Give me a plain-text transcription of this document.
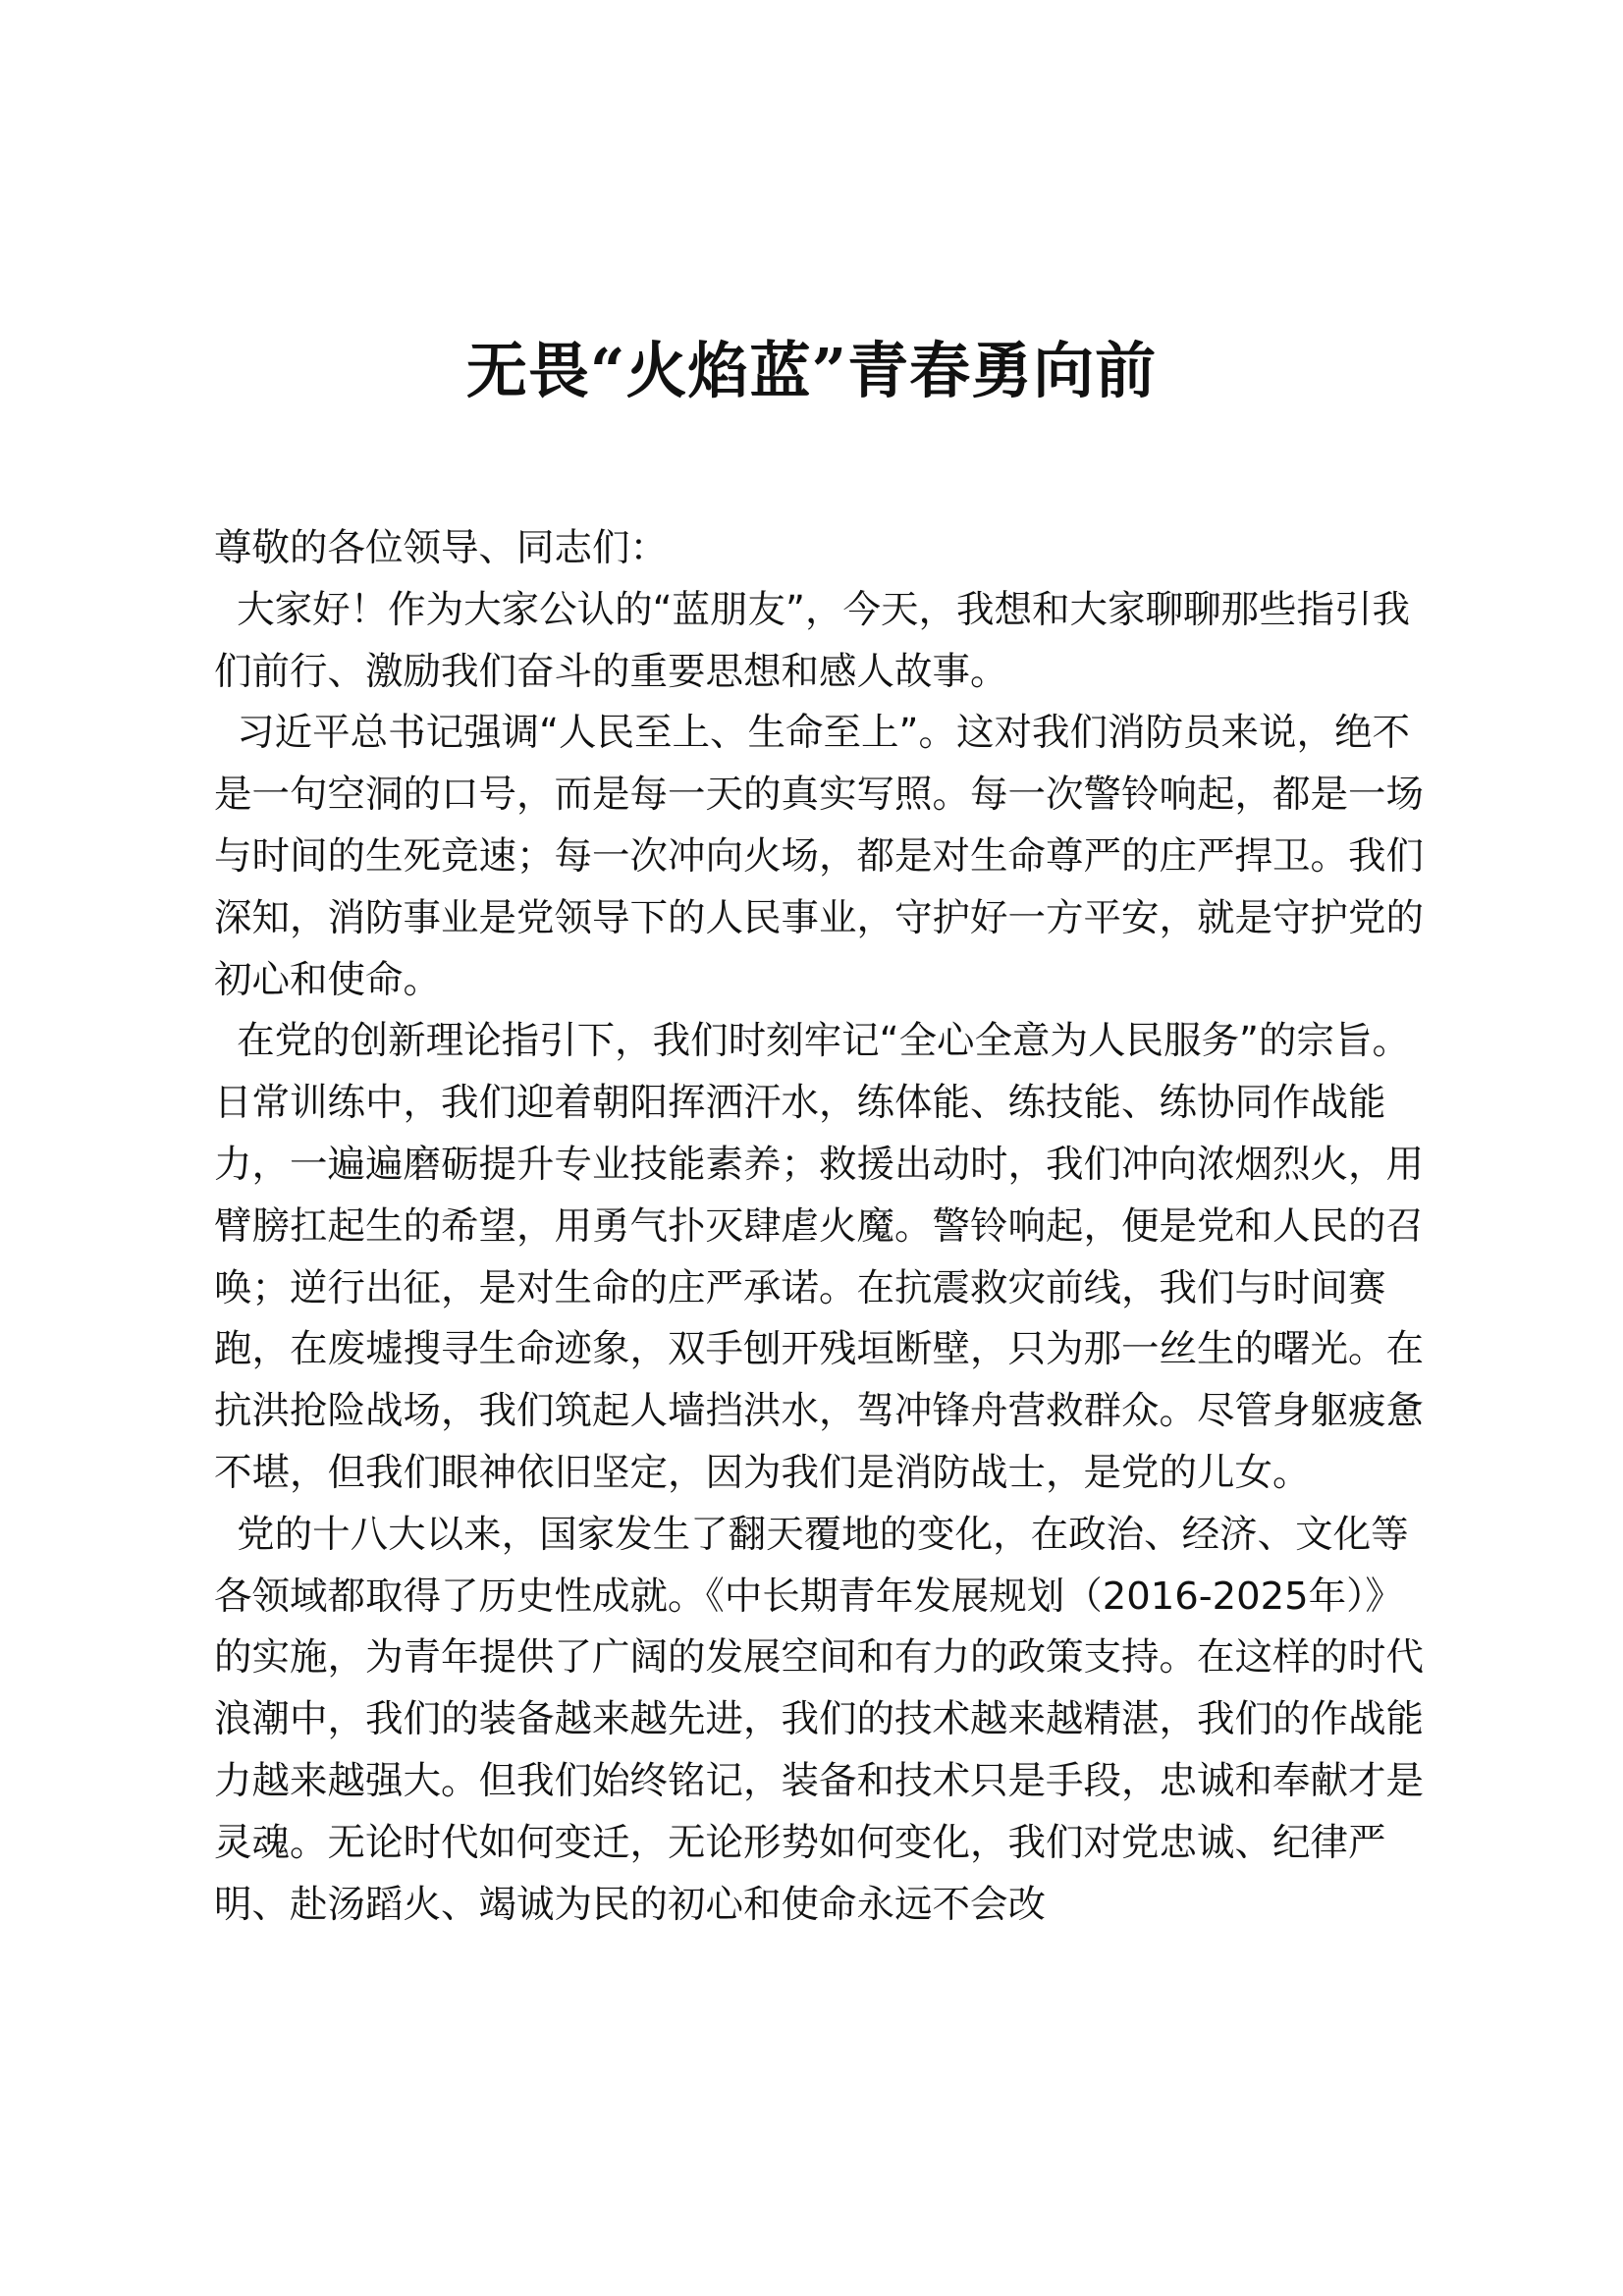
无畏“火焰蓝”青春勇向前

尊敬的各位领导、同志们：

大家好！作为大家公认的“蓝朋友”，今天，我想和大家聊聊那些指引我们前行、激励我们奋斗的重要思想和感人故事。

习近平总书记强调“人民至上、生命至上”。这对我们消防员来说，绝不是一句空洞的口号，而是每一天的真实写照。每一次警铃响起，都是一场与时间的生死竞速；每一次冲向火场，都是对生命尊严的庄严捍卫。我们深知，消防事业是党领导下的人民事业，守护好一方平安，就是守护党的初心和使命。

在党的创新理论指引下，我们时刻牢记“全心全意为人民服务”的宗旨。日常训练中，我们迎着朝阳挥洒汗水，练体能、练技能、练协同作战能力，一遍遍磨砺提升专业技能素养；救援出动时，我们冲向浓烟烈火，用臂膀扛起生的希望，用勇气扑灭肆虐火魔。警铃响起，便是党和人民的召唤；逆行出征，是对生命的庄严承诺。在抗震救灾前线，我们与时间赛跑，在废墟搜寻生命迹象，双手刨开残垣断壁，只为那一丝生的曙光。在抗洪抢险战场，我们筑起人墙挡洪水，驾冲锋舟营救群众。尽管身躯疲惫不堪，但我们眼神依旧坚定，因为我们是消防战士，是党的儿女。

党的十八大以来，国家发生了翻天覆地的变化，在政治、经济、文化等各领域都取得了历史性成就。《中长期青年发展规划（2016-2025年）》的实施，为青年提供了广阔的发展空间和有力的政策支持。在这样的时代浪潮中，我们的装备越来越先进，我们的技术越来越精湛，我们的作战能力越来越强大。但我们始终铭记，装备和技术只是手段，忠诚和奉献才是灵魂。无论时代如何变迁，无论形势如何变化，我们对党忠诚、纪律严明、赴汤蹈火、竭诚为民的初心和使命永远不会改
